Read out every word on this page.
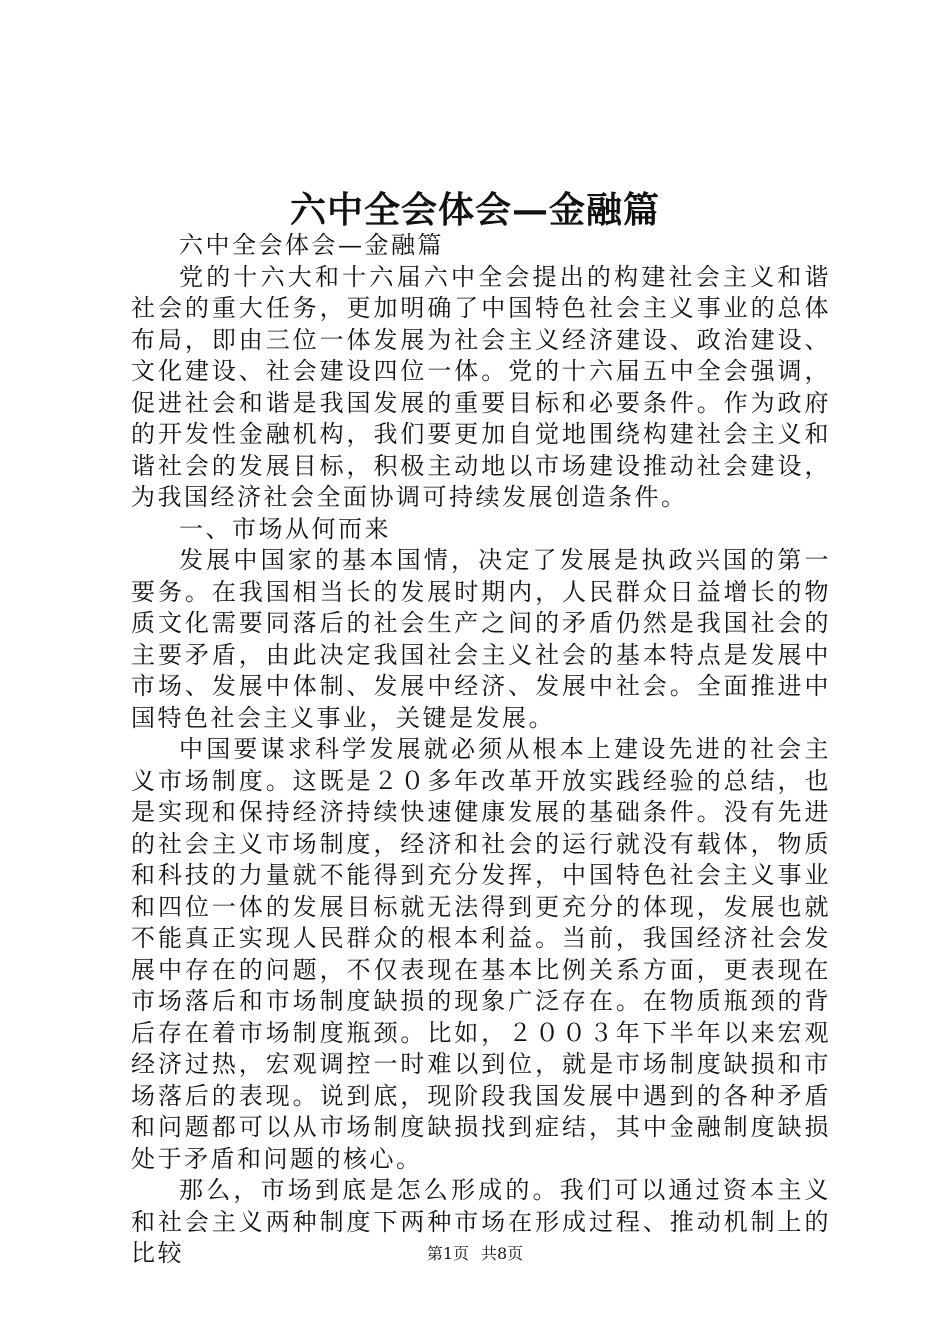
六中全会体会—金融篇

六中全会体会—金融篇

党的十六大和十六届六中全会提出的构建社会主义和谐社会的重大任务，更加明确了中国特色社会主义事业的总体布局，即由三位一体发展为社会主义经济建设、政治建设、文化建设、社会建设四位一体。党的十六届五中全会强调，促进社会和谐是我国发展的重要目标和必要条件。作为政府的开发性金融机构，我们要更加自觉地围绕构建社会主义和谐社会的发展目标，积极主动地以市场建设推动社会建设，为我国经济社会全面协调可持续发展创造条件。

一、市场从何而来

发展中国家的基本国情，决定了发展是执政兴国的第一要务。在我国相当长的发展时期内，人民群众日益增长的物质文化需要同落后的社会生产之间的矛盾仍然是我国社会的主要矛盾，由此决定我国社会主义社会的基本特点是发展中市场、发展中体制、发展中经济、发展中社会。全面推进中国特色社会主义事业，关键是发展。

中国要谋求科学发展就必须从根本上建设先进的社会主义市场制度。这既是２０多年改革开放实践经验的总结，也是实现和保持经济持续快速健康发展的基础条件。没有先进的社会主义市场制度，经济和社会的运行就没有载体，物质和科技的力量就不能得到充分发挥，中国特色社会主义事业和四位一体的发展目标就无法得到更充分的体现，发展也就不能真正实现人民群众的根本利益。当前，我国经济社会发展中存在的问题，不仅表现在基本比例关系方面，更表现在市场落后和市场制度缺损的现象广泛存在。在物质瓶颈的背后存在着市场制度瓶颈。比如，２００３年下半年以来宏观经济过热，宏观调控一时难以到位，就是市场制度缺损和市场落后的表现。说到底，现阶段我国发展中遇到的各种矛盾和问题都可以从市场制度缺损找到症结，其中金融制度缺损处于矛盾和问题的核心。

那么，市场到底是怎么形成的。我们可以通过资本主义和社会主义两种制度下两种市场在形成过程、推动机制上的比较	第1页 共8页
